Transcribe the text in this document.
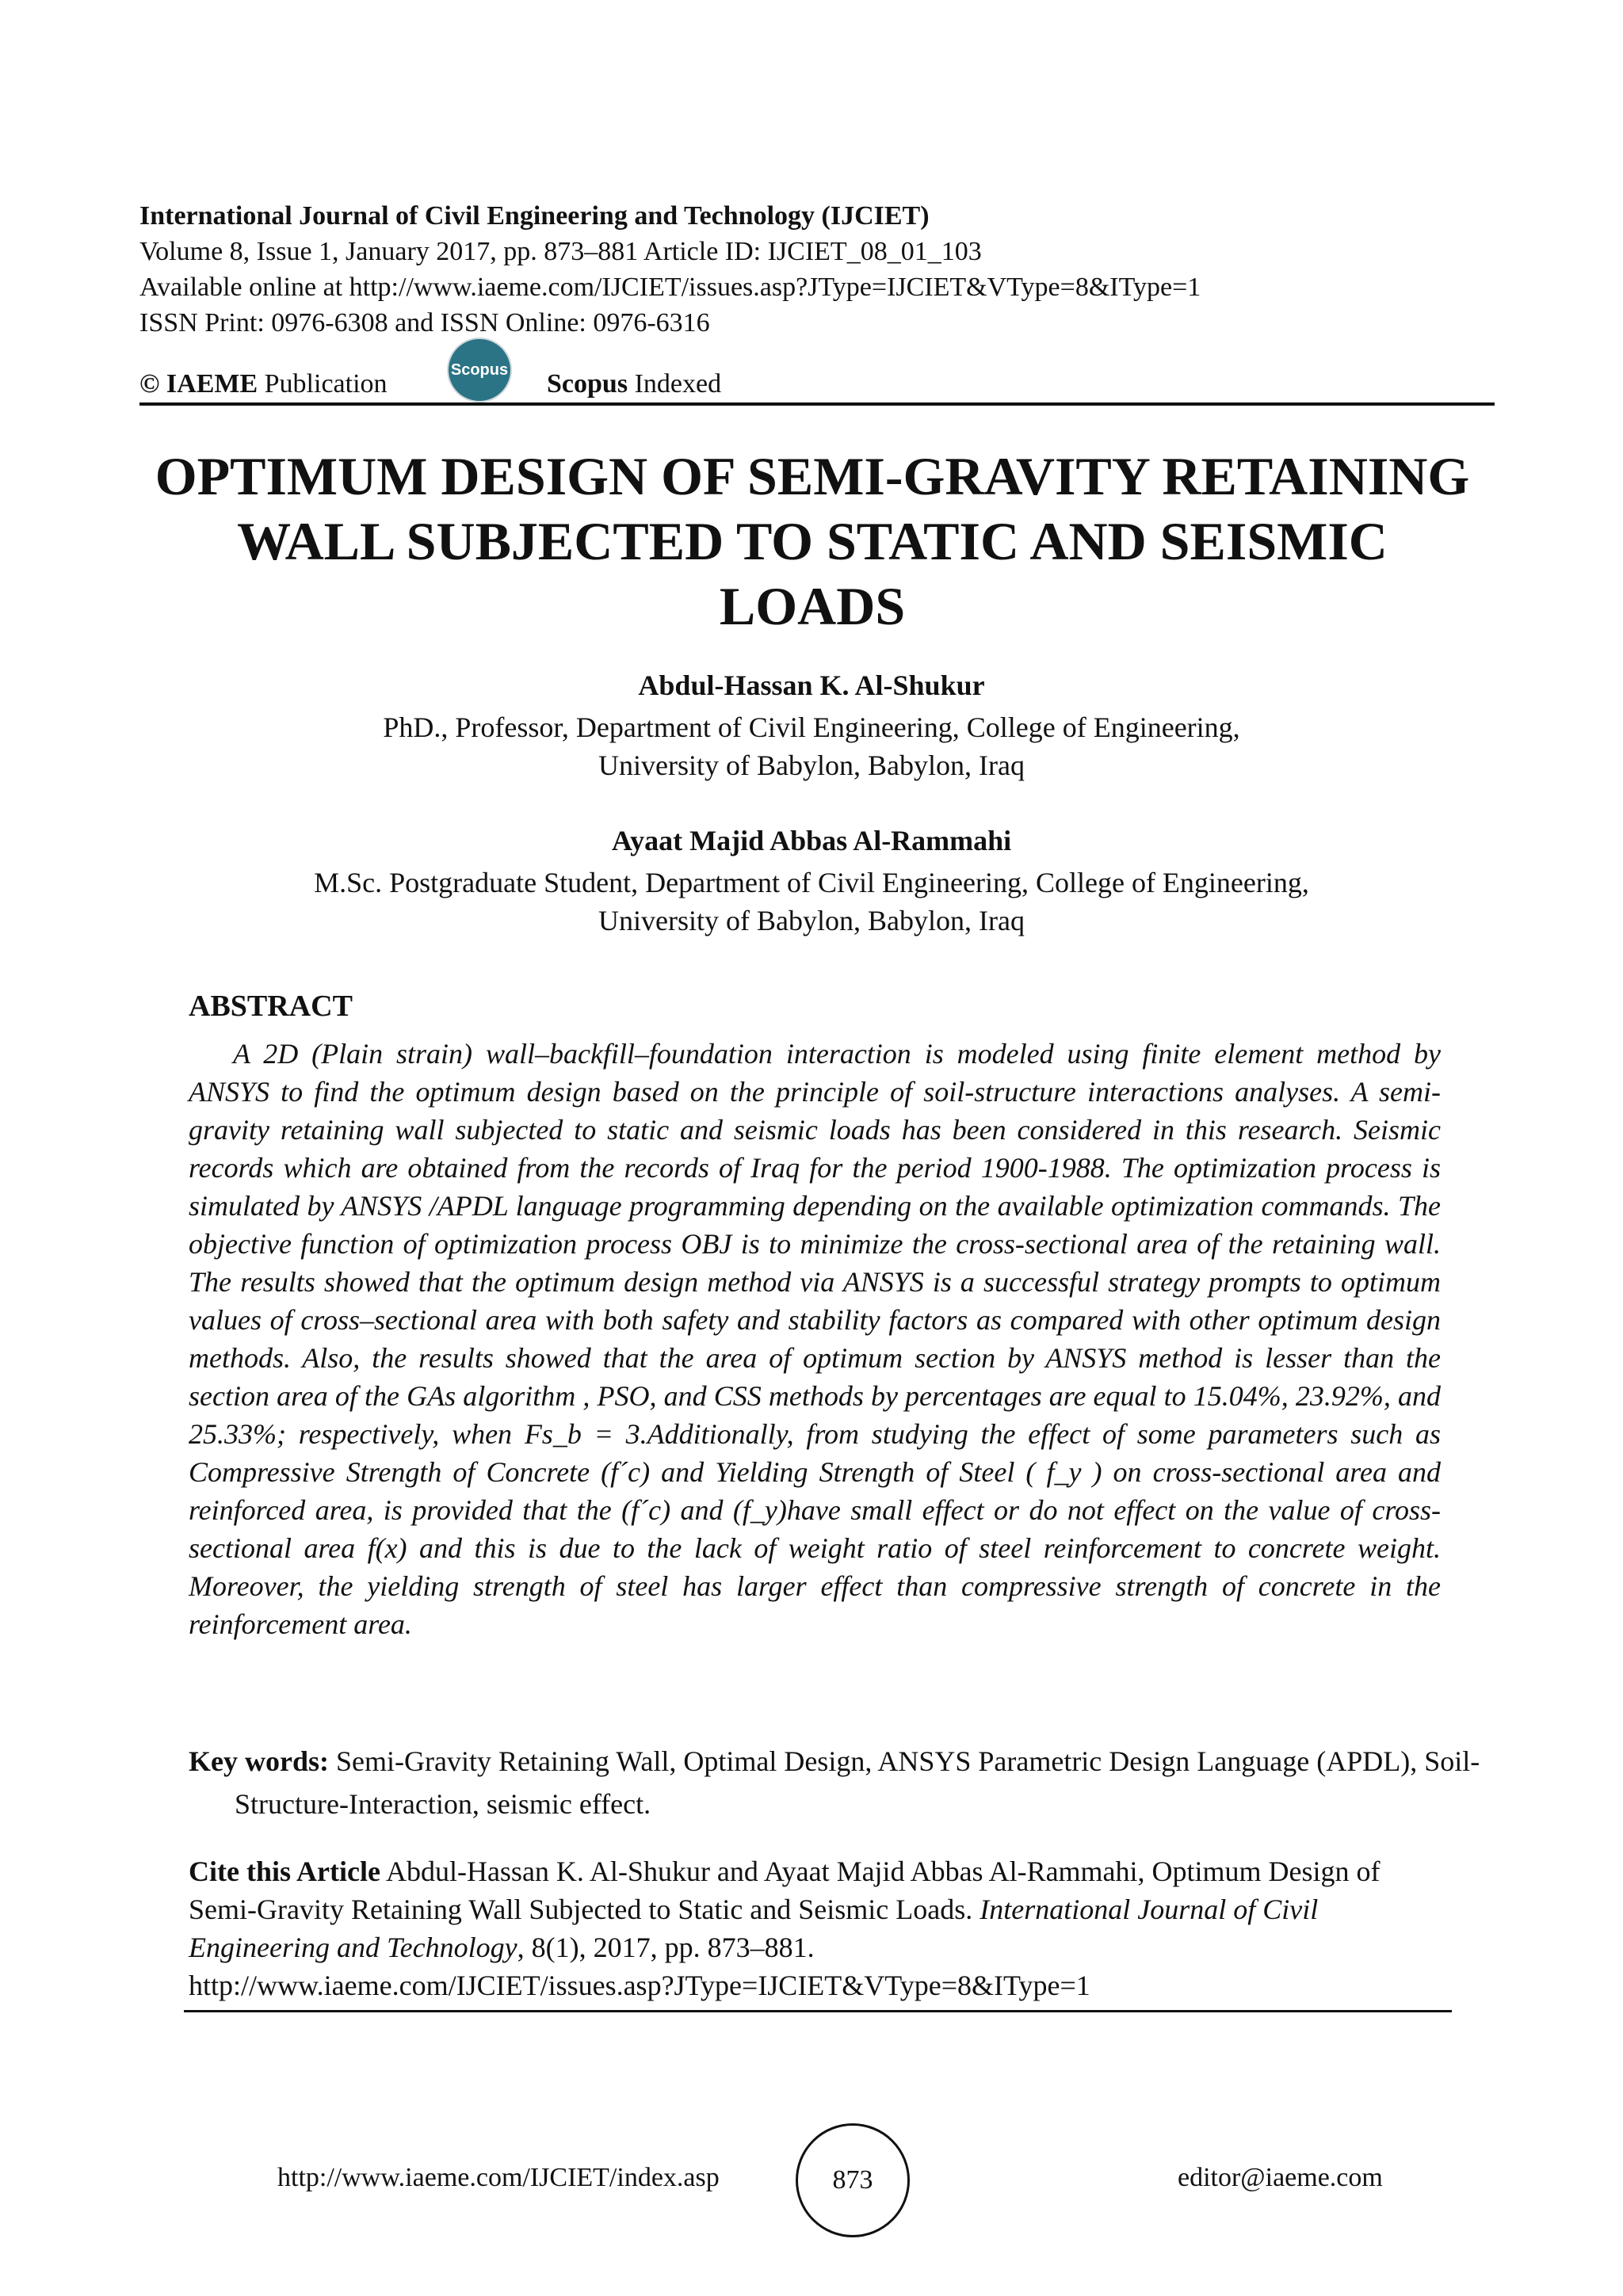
International Journal of Civil Engineering and Technology (IJCIET)
Volume 8, Issue 1, January 2017, pp. 873–881 Article ID: IJCIET_08_01_103
Available online at http://www.iaeme.com/IJCIET/issues.asp?JType=IJCIET&VType=8&IType=1
ISSN Print: 0976-6308 and ISSN Online: 0976-6316
© IAEME Publication	Scopus Scopus Indexed
OPTIMUM DESIGN OF SEMI-GRAVITY RETAINING
WALL SUBJECTED TO STATIC AND SEISMIC
LOADS
Abdul-Hassan K. Al-Shukur
PhD., Professor, Department of Civil Engineering, College of Engineering,
University of Babylon, Babylon, Iraq
Ayaat Majid Abbas Al-Rammahi
M.Sc. Postgraduate Student, Department of Civil Engineering, College of Engineering,
University of Babylon, Babylon, Iraq
ABSTRACT
A 2D (Plain strain) wall–backfill–foundation interaction is modeled using finite element method by ANSYS to find the optimum design based on the principle of soil-structure interactions analyses. A semi-gravity retaining wall subjected to static and seismic loads has been considered in this research. Seismic records which are obtained from the records of Iraq for the period 1900-1988. The optimization process is simulated by ANSYS /APDL language programming depending on the available optimization commands. The objective function of optimization process OBJ is to minimize the cross-sectional area of the retaining wall. The results showed that the optimum design method via ANSYS is a successful strategy prompts to optimum values of cross–sectional area with both safety and stability factors as compared with other optimum design methods. Also, the results showed that the area of optimum section by ANSYS method is lesser than the section area of the GAs algorithm , PSO, and CSS methods by percentages are equal to 15.04%, 23.92%, and 25.33%; respectively, when Fs_b = 3.Additionally, from studying the effect of some parameters such as Compressive Strength of Concrete (f´c) and Yielding Strength of Steel ( f_y ) on cross-sectional area and reinforced area, is provided that the (f´c) and (f_y)have small effect or do not effect on the value of cross-sectional area f(x) and this is due to the lack of weight ratio of steel reinforcement to concrete weight. Moreover, the yielding strength of steel has larger effect than compressive strength of concrete in the reinforcement area.
Key words: Semi-Gravity Retaining Wall, Optimal Design, ANSYS Parametric Design Language (APDL), Soil-Structure-Interaction, seismic effect.
Cite this Article Abdul-Hassan K. Al-Shukur and Ayaat Majid Abbas Al-Rammahi, Optimum Design of Semi-Gravity Retaining Wall Subjected to Static and Seismic Loads. International Journal of Civil Engineering and Technology, 8(1), 2017, pp. 873–881.
http://www.iaeme.com/IJCIET/issues.asp?JType=IJCIET&VType=8&IType=1
http://www.iaeme.com/IJCIET/index.asp	873	editor@iaeme.com
